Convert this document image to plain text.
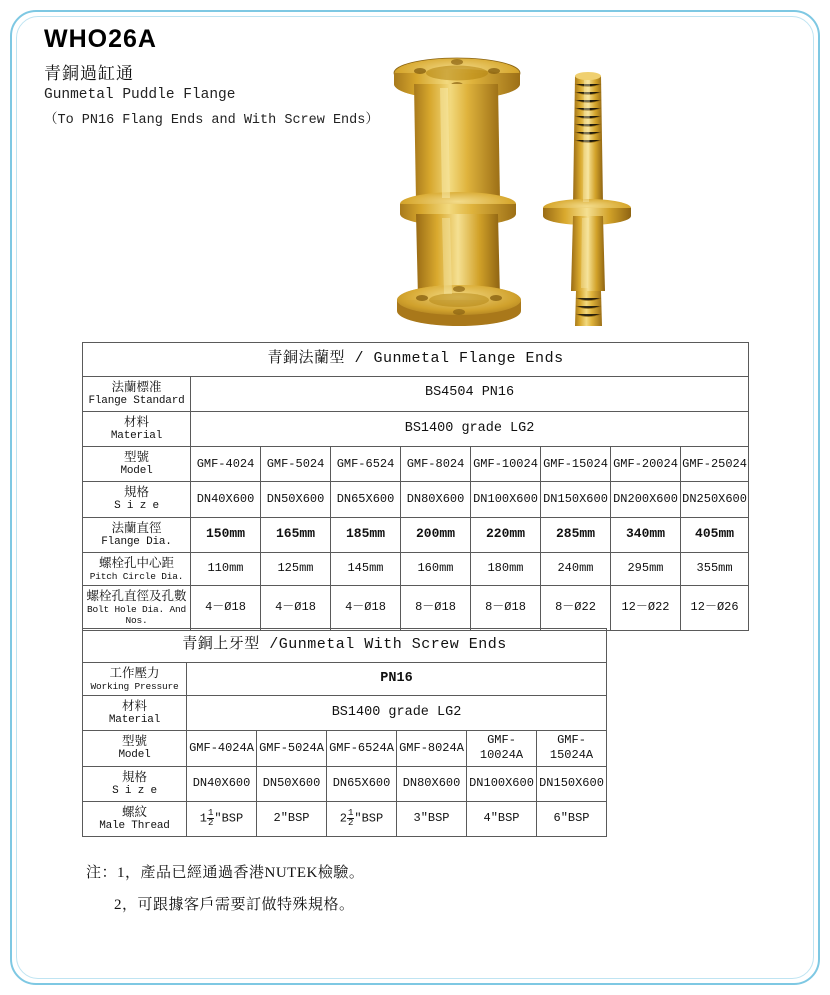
WHO26A
青銅過缸通
Gunmetal Puddle Flange
（To PN16 Flang Ends and With Screw Ends）
青銅法蘭型 / Gunmetal Flange Ends								

法蘭標准
Flange Standard	BS4504 PN16							

材料
Material	BS1400 grade LG2							

型號
Model	GMF-4024	GMF-5024	GMF-6524	GMF-8024	GMF-10024	GMF-15024	GMF-20024	GMF-25024

規格
S i z e	DN40X600	DN50X600	DN65X600	DN80X600	DN100X600	DN150X600	DN200X600	DN250X600

法蘭直徑
Flange Dia.	150mm	165mm	185mm	200mm	220mm	285mm	340mm	405mm

螺栓孔中心距
Pitch Circle Dia.	110mm	125mm	145mm	160mm	180mm	240mm	295mm	355mm

螺栓孔直徑及孔數
Bolt Hole Dia. And Nos.	4－Ø18	4－Ø18	4－Ø18	8－Ø18	8－Ø18	8－Ø22	12－Ø22	12－Ø26
青銅上牙型 /Gunmetal With Screw Ends						

工作壓力
Working Pressure	PN16					

材料
Material	BS1400 grade LG2					

型號
Model	GMF-4024A	GMF-5024A	GMF-6524A	GMF-8024A	GMF-10024A	GMF-15024A

規格
S i z e	DN40X600	DN50X600	DN65X600	DN80X600	DN100X600	DN150X600

螺紋
Male Thread	$1 \frac{1}{2}$ "BSP	2"BSP	$2 \frac{1}{2}$ "BSP	3"BSP	4"BSP	6"BSP
注：1，產品已經通過香港NUTEK檢驗。
2，可跟據客戶需要訂做特殊規格。
